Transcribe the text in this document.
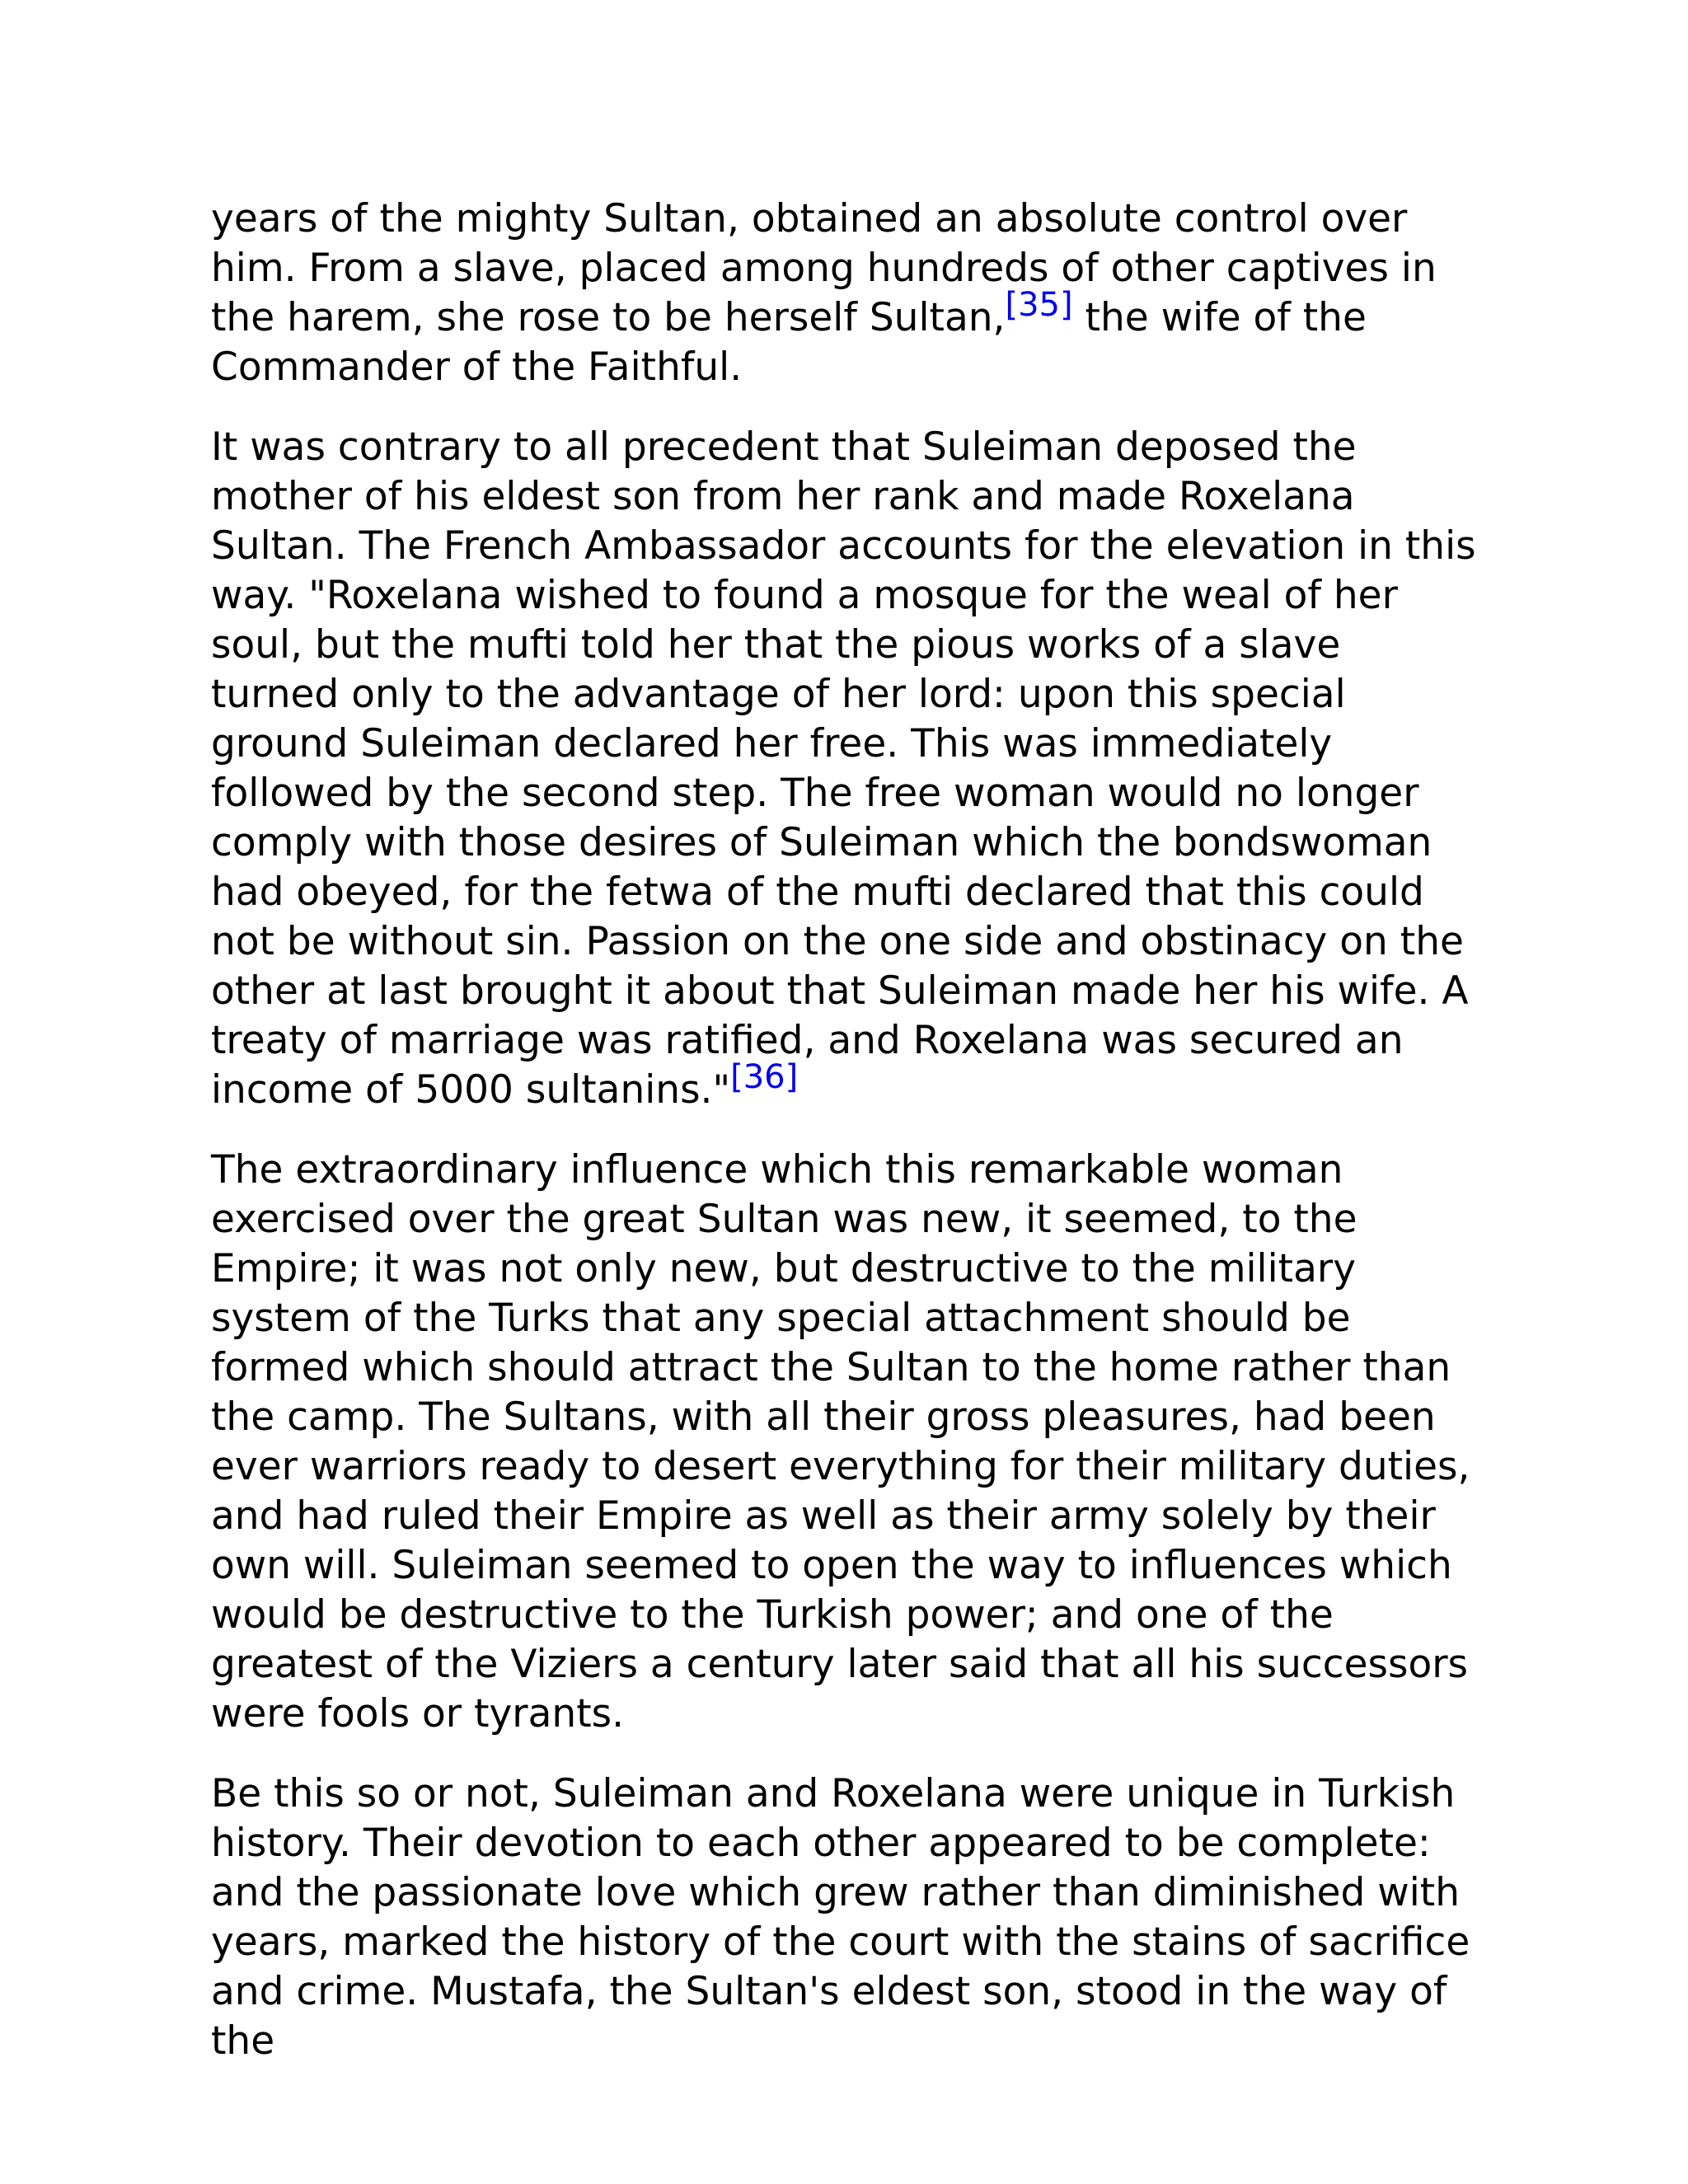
years of the mighty Sultan, obtained an absolute control over him. From a slave, placed among hundreds of other captives in the harem, she rose to be herself Sultan,[35] the wife of the Commander of the Faithful.

It was contrary to all precedent that Suleiman deposed the mother of his eldest son from her rank and made Roxelana Sultan. The French Ambassador accounts for the elevation in this way. "Roxelana wished to found a mosque for the weal of her soul, but the mufti told her that the pious works of a slave turned only to the advantage of her lord: upon this special ground Suleiman declared her free. This was immediately followed by the second step. The free woman would no longer comply with those desires of Suleiman which the bondswoman had obeyed, for the fetwa of the mufti declared that this could not be without sin. Passion on the one side and obstinacy on the other at last brought it about that Suleiman made her his wife. A treaty of marriage was ratified, and Roxelana was secured an income of 5000 sultanins."[36]

The extraordinary influence which this remarkable woman exercised over the great Sultan was new, it seemed, to the Empire; it was not only new, but destructive to the military system of the Turks that any special attachment should be formed which should attract the Sultan to the home rather than the camp. The Sultans, with all their gross pleasures, had been ever warriors ready to desert everything for their military duties, and had ruled their Empire as well as their army solely by their own will. Suleiman seemed to open the way to influences which would be destructive to the Turkish power; and one of the greatest of the Viziers a century later said that all his successors were fools or tyrants.

Be this so or not, Suleiman and Roxelana were unique in Turkish history. Their devotion to each other appeared to be complete: and the passionate love which grew rather than diminished with years, marked the history of the court with the stains of sacrifice and crime. Mustafa, the Sultan's eldest son, stood in the way of the
